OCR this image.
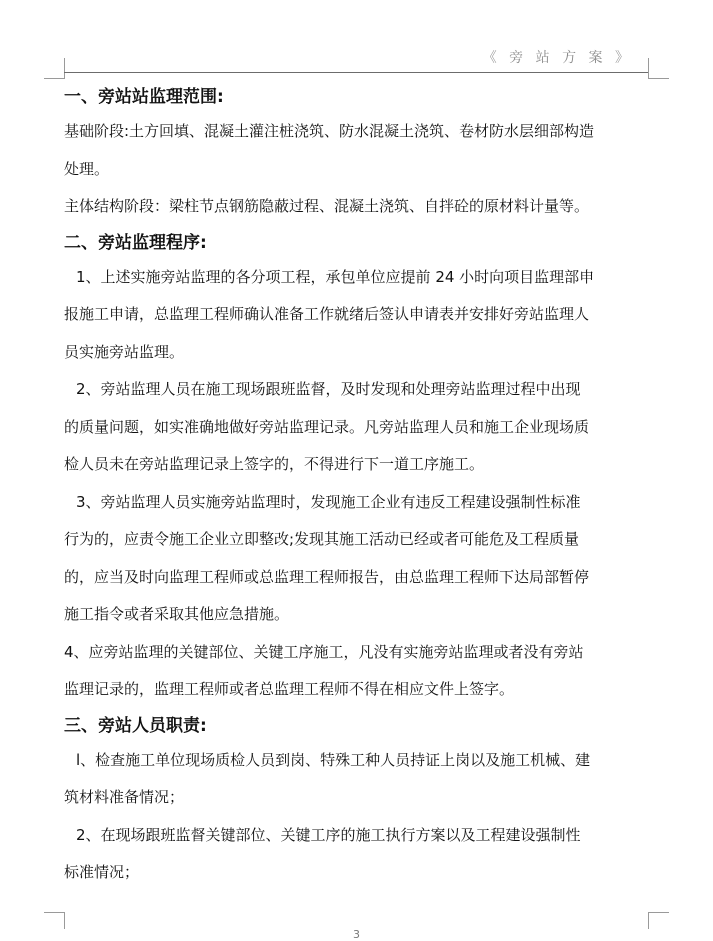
《 旁 站 方 案 》
一、旁站站监理范围:
基础阶段:土方回填、混凝土灌注桩浇筑、防水混凝土浇筑、卷材防水层细部构造
处理。
主体结构阶段：梁柱节点钢筋隐蔽过程、混凝土浇筑、自拌砼的原材料计量等。
二、旁站监理程序:
1、上述实施旁站监理的各分项工程，承包单位应提前 24 小时向项目监理部申
报施工申请，总监理工程师确认准备工作就绪后签认申请表并安排好旁站监理人
员实施旁站监理。
2、旁站监理人员在施工现场跟班监督，及时发现和处理旁站监理过程中出现
的质量问题，如实准确地做好旁站监理记录。凡旁站监理人员和施工企业现场质
检人员未在旁站监理记录上签字的，不得进行下一道工序施工。
3、旁站监理人员实施旁站监理时，发现施工企业有违反工程建设强制性标准
行为的，应责令施工企业立即整改;发现其施工活动已经或者可能危及工程质量
的，应当及时向监理工程师或总监理工程师报告，由总监理工程师下达局部暂停
施工指令或者采取其他应急措施。
4、应旁站监理的关键部位、关键工序施工，凡没有实施旁站监理或者没有旁站
监理记录的，监理工程师或者总监理工程师不得在相应文件上签字。
三、旁站人员职责:
l、检查施工单位现场质检人员到岗、特殊工种人员持证上岗以及施工机械、建
筑材料准备情况；
2、在现场跟班监督关键部位、关键工序的施工执行方案以及工程建设强制性
标准情况；
3
